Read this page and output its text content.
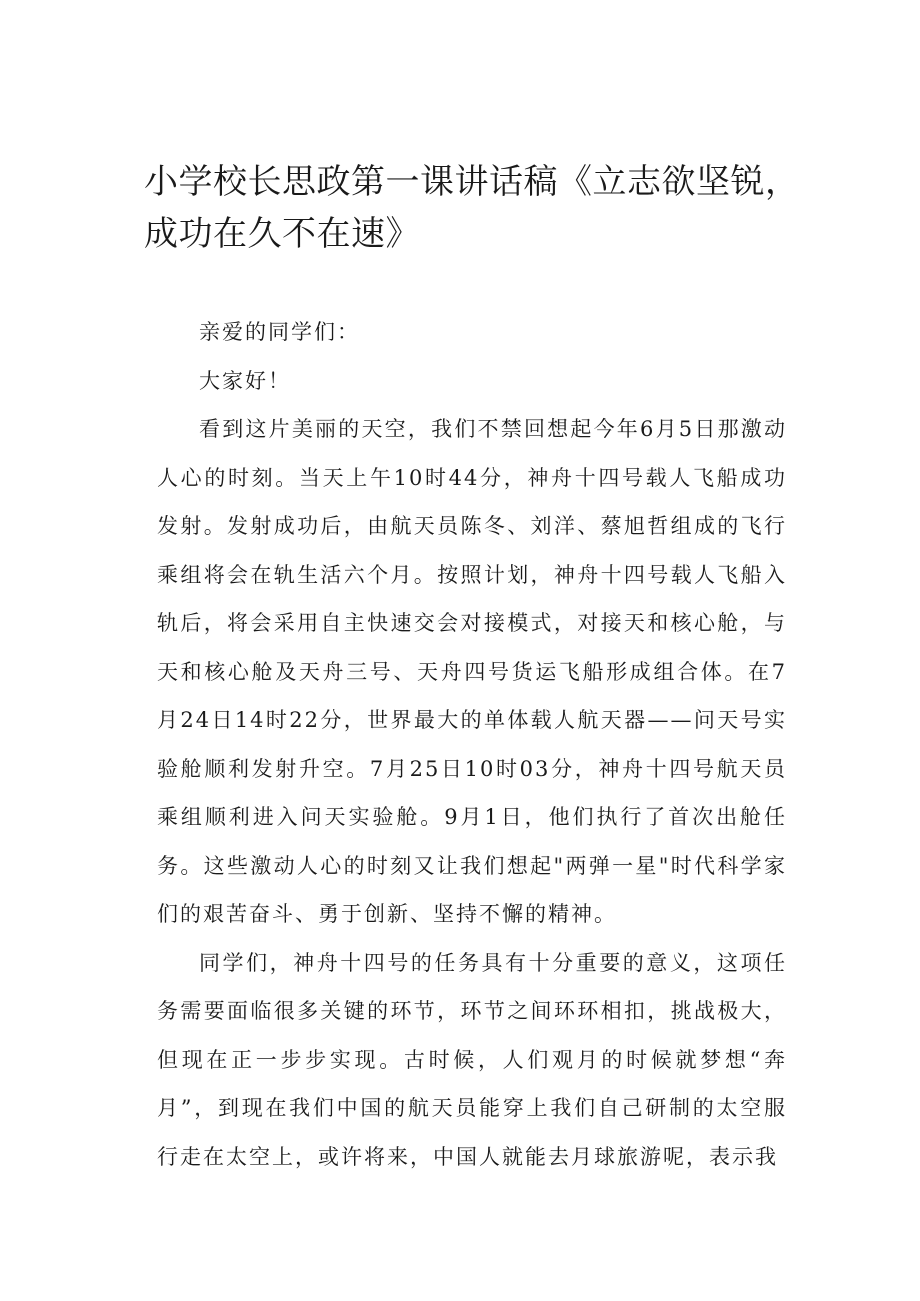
小学校长思政第一课讲话稿《立志欲坚锐，成功在久不在速》

亲爱的同学们：

大家好！

看到这片美丽的天空，我们不禁回想起今年6月5日那激动人心的时刻。当天上午10时44分，神舟十四号载人飞船成功发射。发射成功后，由航天员陈冬、刘洋、蔡旭哲组成的飞行乘组将会在轨生活六个月。按照计划，神舟十四号载人飞船入轨后，将会采用自主快速交会对接模式，对接天和核心舱，与天和核心舱及天舟三号、天舟四号货运飞船形成组合体。在7月24日14时22分，世界最大的单体载人航天器——问天号实验舱顺利发射升空。7月25日10时03分，神舟十四号航天员乘组顺利进入问天实验舱。9月1日，他们执行了首次出舱任务。这些激动人心的时刻又让我们想起"两弹一星"时代科学家们的艰苦奋斗、勇于创新、坚持不懈的精神。

同学们，神舟十四号的任务具有十分重要的意义，这项任务需要面临很多关键的环节，环节之间环环相扣，挑战极大，但现在正一步步实现。古时候，人们观月的时候就梦想“奔月”，到现在我们中国的航天员能穿上我们自己研制的太空服行走在太空上，或许将来，中国人就能去月球旅游呢，表示我
